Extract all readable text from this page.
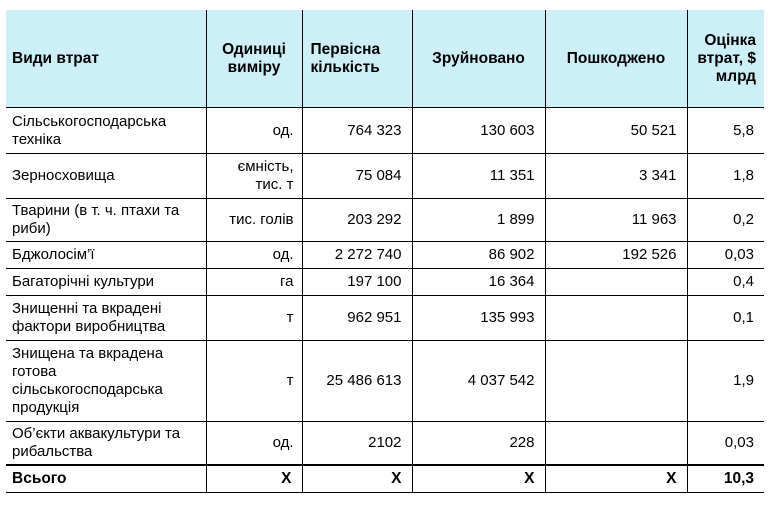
Види втрат	Одиниці виміру	Первісна кількість	Зруйновано	Пошкоджено	Оцінка втрат, $ млрд
Сільськогосподарська техніка	од.	764 323	130 603	50 521	5,8
Зерносховища	ємність, тис. т	75 084	11 351	3 341	1,8
Тварини (в т. ч. птахи та риби)	тис. голів	203 292	1 899	11 963	0,2
Бджолосім’ї	од.	2 272 740	86 902	192 526	0,03
Багаторічні культури	га	197 100	16 364		0,4
Знищенні та вкрадені фактори виробництва	т	962 951	135 993		0,1
Знищена та вкрадена готова сільськогосподарська продукція	т	25 486 613	4 037 542		1,9
Об’єкти аквакультури та рибальства	од.	2102	228		0,03
Всього	Х	Х	Х	Х	10,3
